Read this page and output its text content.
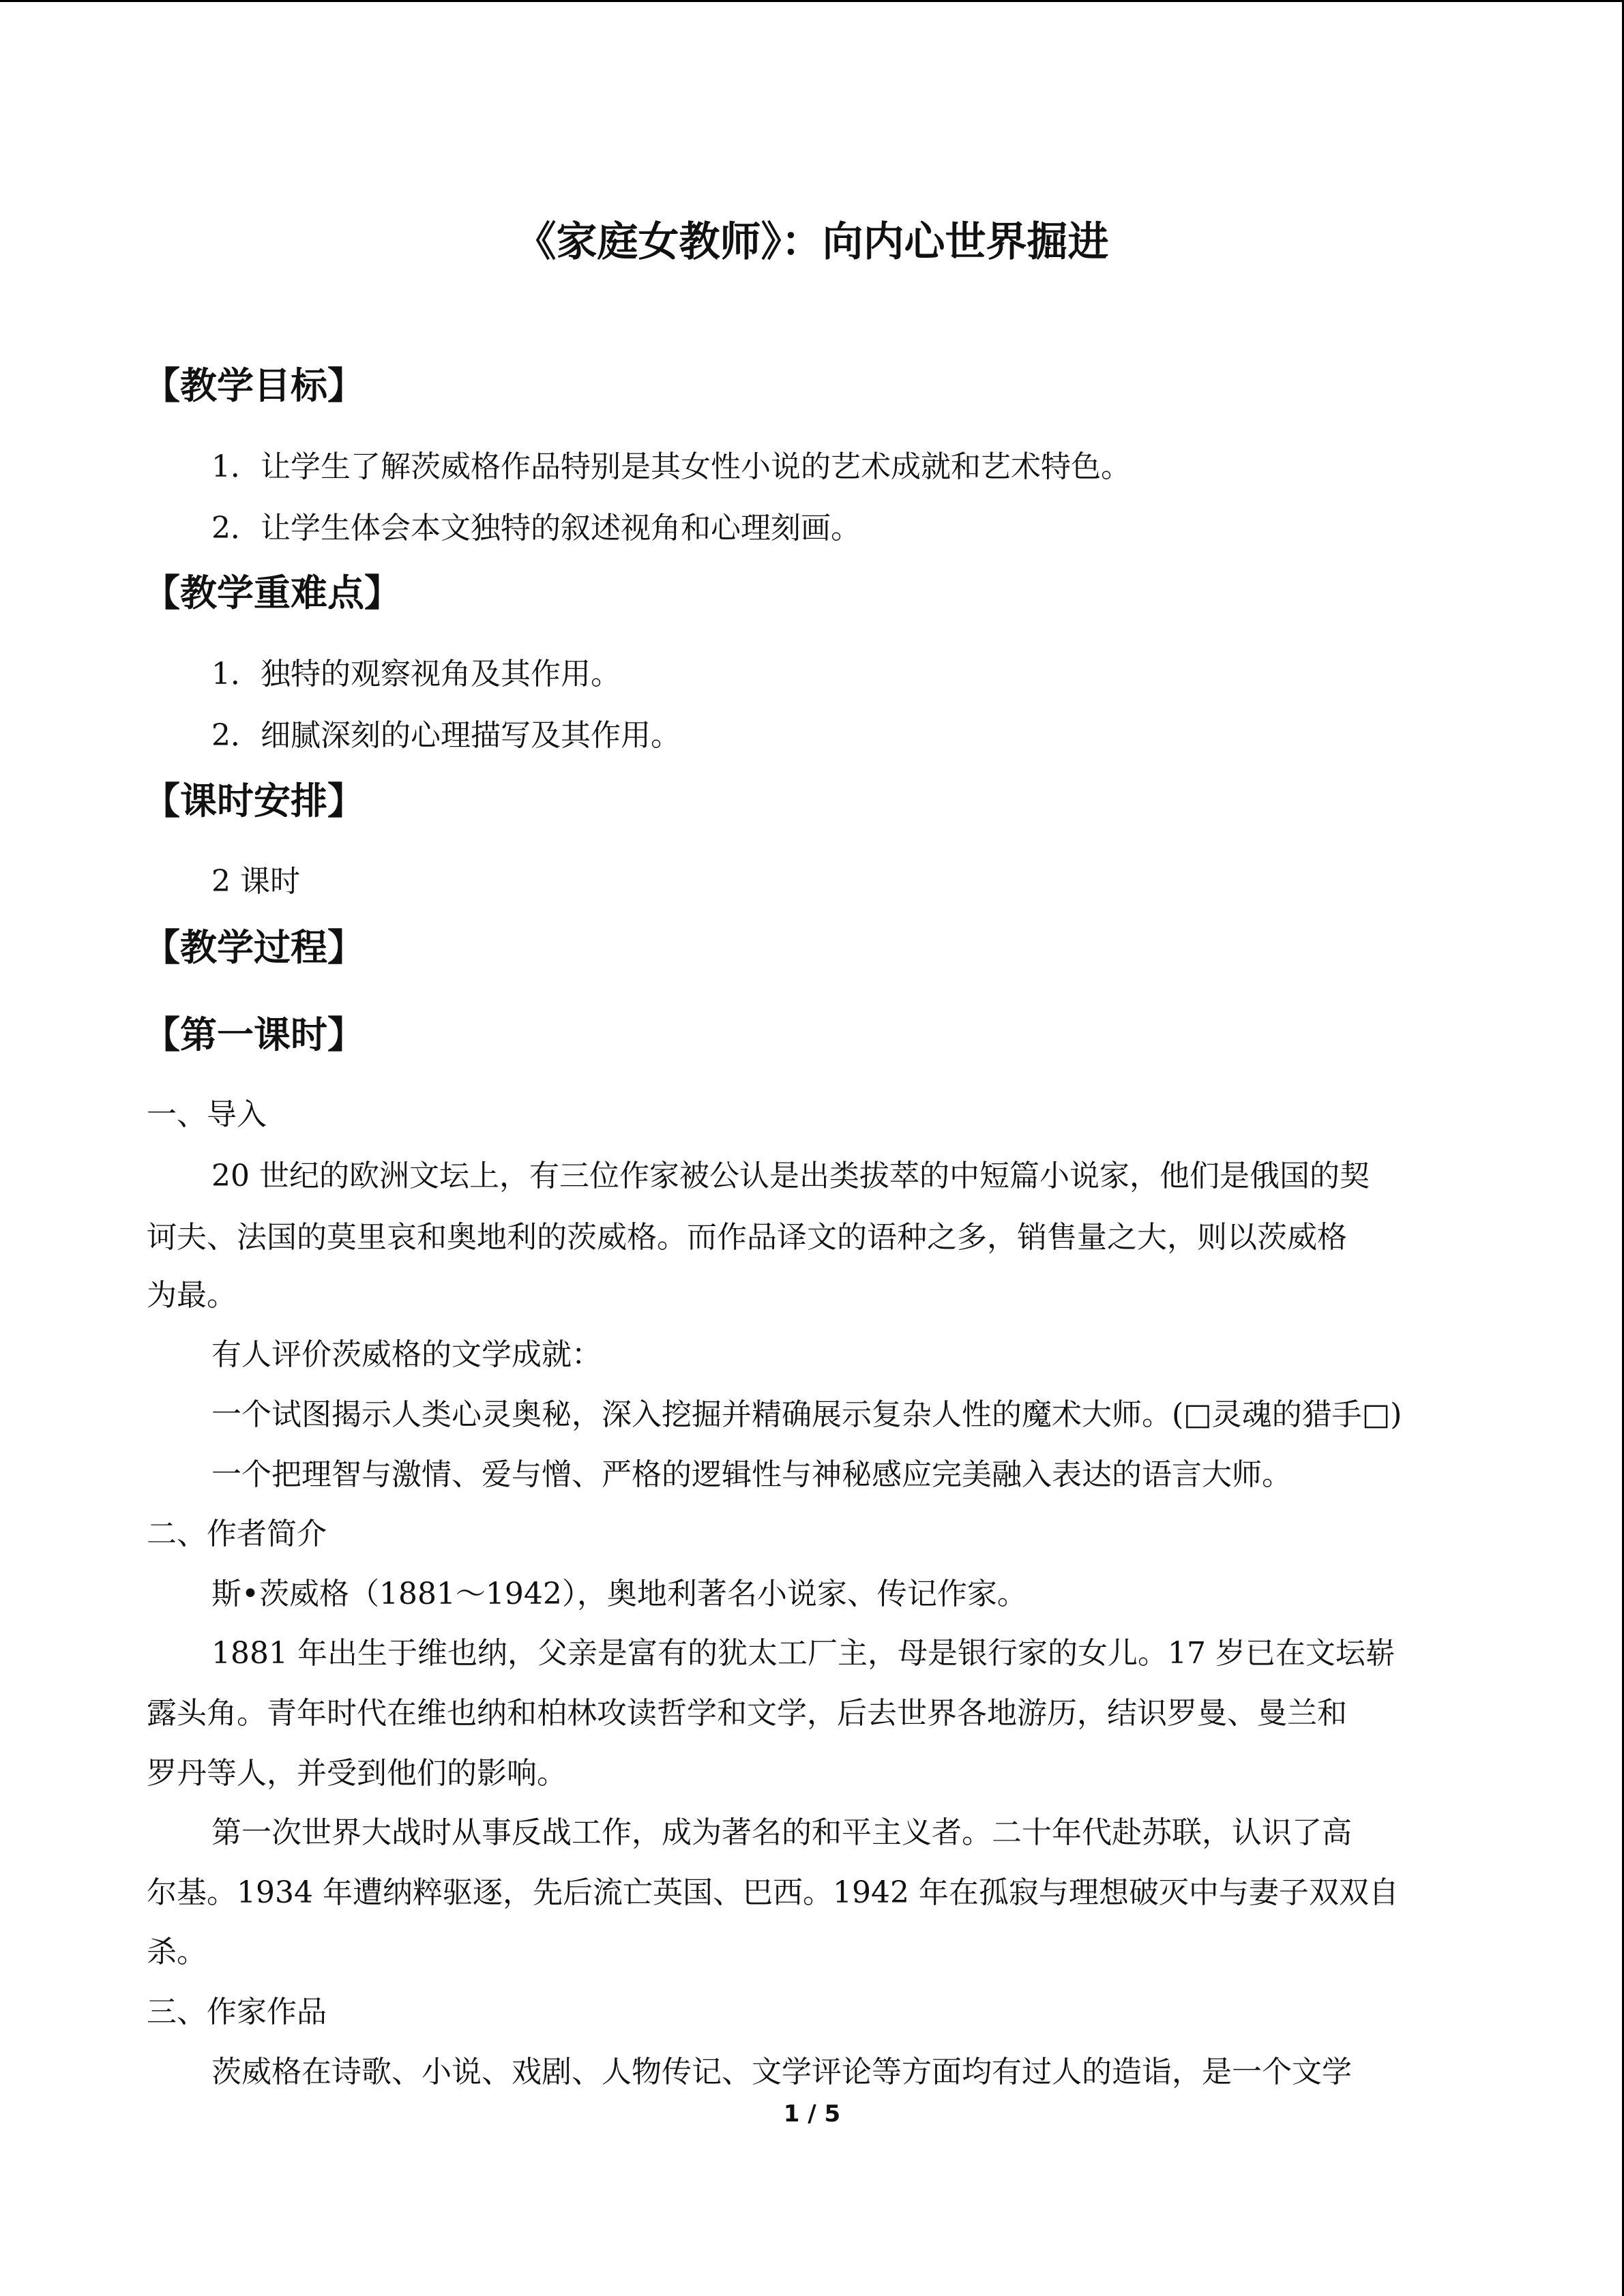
《家庭女教师》：向内心世界掘进
【教学目标】
1．让学生了解茨威格作品特别是其女性小说的艺术成就和艺术特色。
2．让学生体会本文独特的叙述视角和心理刻画。
【教学重难点】
1．独特的观察视角及其作用。
2．细腻深刻的心理描写及其作用。
【课时安排】
2 课时
【教学过程】
【第一课时】
一、导入
20 世纪的欧洲文坛上，有三位作家被公认是出类拔萃的中短篇小说家，他们是俄国的契
诃夫、法国的莫里哀和奥地利的茨威格。而作品译文的语种之多，销售量之大，则以茨威格
为最。
有人评价茨威格的文学成就：
一个试图揭示人类心灵奥秘，深入挖掘并精确展示复杂人性的魔术大师。(□灵魂的猎手□)
一个把理智与激情、爱与憎、严格的逻辑性与神秘感应完美融入表达的语言大师。
二、作者简介
斯•茨威格（1881～1942），奥地利著名小说家、传记作家。
1881 年出生于维也纳，父亲是富有的犹太工厂主，母是银行家的女儿。17 岁已在文坛崭
露头角。青年时代在维也纳和柏林攻读哲学和文学，后去世界各地游历，结识罗曼、曼兰和
罗丹等人，并受到他们的影响。
第一次世界大战时从事反战工作，成为著名的和平主义者。二十年代赴苏联，认识了高
尔基。1934 年遭纳粹驱逐，先后流亡英国、巴西。1942 年在孤寂与理想破灭中与妻子双双自
杀。
三、作家作品
茨威格在诗歌、小说、戏剧、人物传记、文学评论等方面均有过人的造诣，是一个文学
1 / 5
